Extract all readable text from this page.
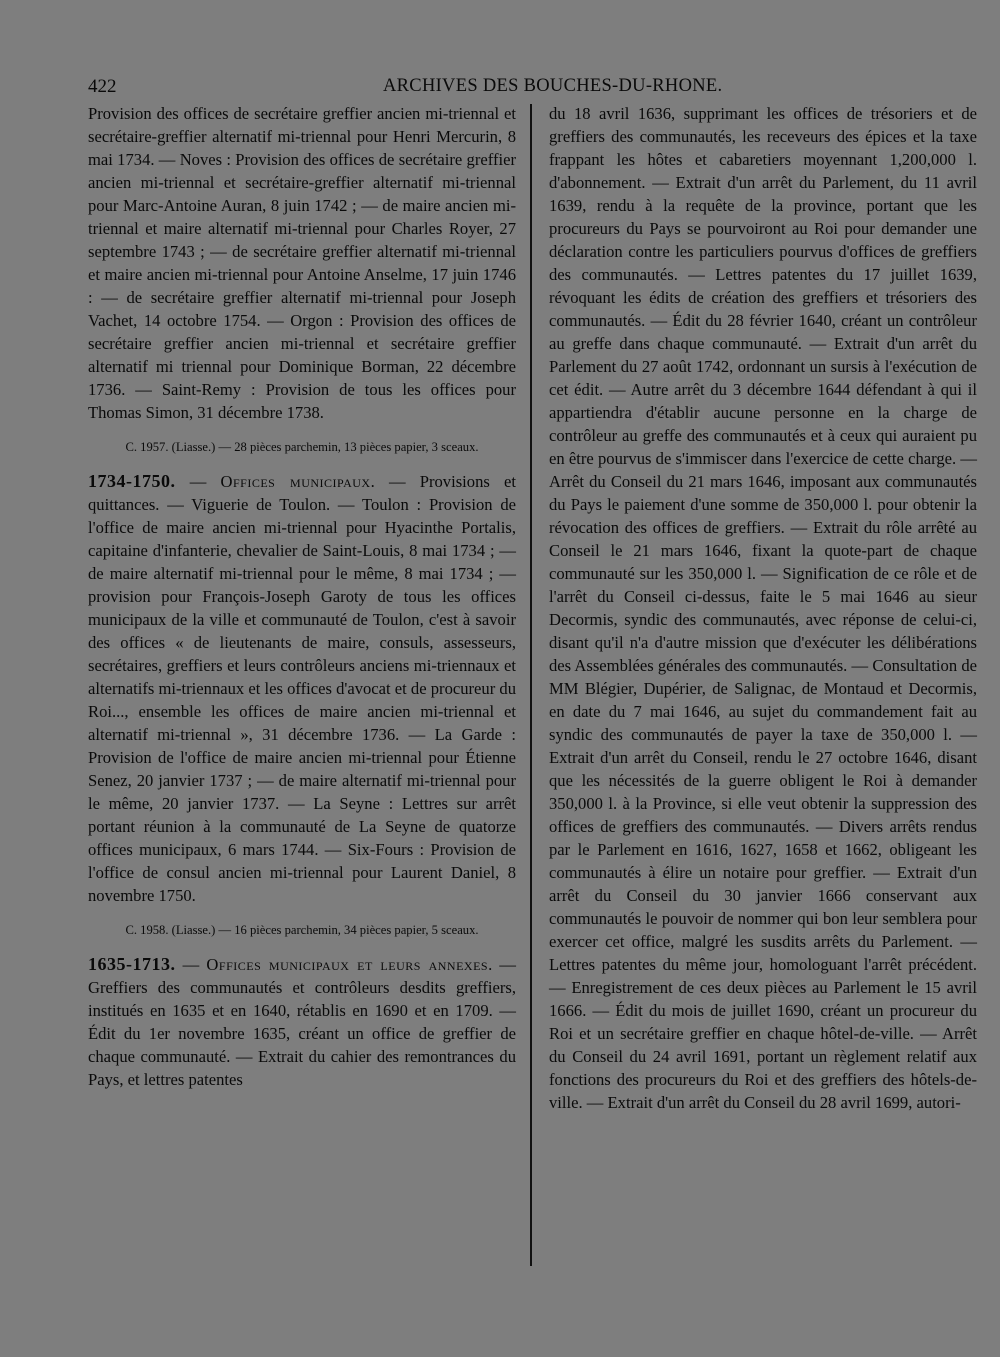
422	ARCHIVES DES BOUCHES-DU-RHONE.

Provision des offices de secrétaire greffier ancien mi-triennal et secrétaire-greffier alternatif mi-triennal pour Henri Mercurin, 8 mai 1734. — Noves : Provision des offices de secrétaire greffier ancien mi-triennal et secrétaire-greffier alternatif mi-triennal pour Marc-Antoine Auran, 8 juin 1742 ; — de maire ancien mi-triennal et maire alternatif mi-triennal pour Charles Royer, 27 septembre 1743 ; — de secrétaire greffier alternatif mi-triennal et maire ancien mi-triennal pour Antoine Anselme, 17 juin 1746 : — de secrétaire greffier alternatif mi-triennal pour Joseph Vachet, 14 octobre 1754. — Orgon : Provision des offices de secrétaire greffier ancien mi-triennal et secrétaire greffier alternatif mi triennal pour Dominique Borman, 22 décembre 1736. — Saint-Remy : Provision de tous les offices pour Thomas Simon, 31 décembre 1738.

C. 1957. (Liasse.) — 28 pièces parchemin, 13 pièces papier, 3 sceaux.

1734-1750. — Offices municipaux. — Provisions et quittances. — Viguerie de Toulon. — Toulon : Provision de l'office de maire ancien mi-triennal pour Hyacinthe Portalis, capitaine d'infanterie, chevalier de Saint-Louis, 8 mai 1734 ; — de maire alternatif mi-triennal pour le même, 8 mai 1734 ; — provision pour François-Joseph Garoty de tous les offices municipaux de la ville et communauté de Toulon, c'est à savoir des offices « de lieutenants de maire, consuls, assesseurs, secrétaires, greffiers et leurs contrôleurs anciens mi-triennaux et alternatifs mi-triennaux et les offices d'avocat et de procureur du Roi..., ensemble les offices de maire ancien mi-triennal et alternatif mi-triennal », 31 décembre 1736. — La Garde : Provision de l'office de maire ancien mi-triennal pour Étienne Senez, 20 janvier 1737 ; — de maire alternatif mi-triennal pour le même, 20 janvier 1737. — La Seyne : Lettres sur arrêt portant réunion à la communauté de La Seyne de quatorze offices municipaux, 6 mars 1744. — Six-Fours : Provision de l'office de consul ancien mi-triennal pour Laurent Daniel, 8 novembre 1750.

C. 1958. (Liasse.) — 16 pièces parchemin, 34 pièces papier, 5 sceaux.

1635-1713. — Offices municipaux et leurs annexes. — Greffiers des communautés et contrôleurs desdits greffiers, institués en 1635 et en 1640, rétablis en 1690 et en 1709. — Édit du 1er novembre 1635, créant un office de greffier de chaque communauté. — Extrait du cahier des remontrances du Pays, et lettres patentes

du 18 avril 1636, supprimant les offices de trésoriers et de greffiers des communautés, les receveurs des épices et la taxe frappant les hôtes et cabaretiers moyennant 1,200,000 l. d'abonnement. — Extrait d'un arrêt du Parlement, du 11 avril 1639, rendu à la requête de la province, portant que les procureurs du Pays se pourvoiront au Roi pour demander une déclaration contre les particuliers pourvus d'offices de greffiers des communautés. — Lettres patentes du 17 juillet 1639, révoquant les édits de création des greffiers et trésoriers des communautés. — Édit du 28 février 1640, créant un contrôleur au greffe dans chaque communauté. — Extrait d'un arrêt du Parlement du 27 août 1742, ordonnant un sursis à l'exécution de cet édit. — Autre arrêt du 3 décembre 1644 défendant à qui il appartiendra d'établir aucune personne en la charge de contrôleur au greffe des communautés et à ceux qui auraient pu en être pourvus de s'immiscer dans l'exercice de cette charge. — Arrêt du Conseil du 21 mars 1646, imposant aux communautés du Pays le paiement d'une somme de 350,000 l. pour obtenir la révocation des offices de greffiers. — Extrait du rôle arrêté au Conseil le 21 mars 1646, fixant la quote-part de chaque communauté sur les 350,000 l. — Signification de ce rôle et de l'arrêt du Conseil ci-dessus, faite le 5 mai 1646 au sieur Decormis, syndic des communautés, avec réponse de celui-ci, disant qu'il n'a d'autre mission que d'exécuter les délibérations des Assemblées générales des communautés. — Consultation de MM Blégier, Dupérier, de Salignac, de Montaud et Decormis, en date du 7 mai 1646, au sujet du commandement fait au syndic des communautés de payer la taxe de 350,000 l. — Extrait d'un arrêt du Conseil, rendu le 27 octobre 1646, disant que les nécessités de la guerre obligent le Roi à demander 350,000 l. à la Province, si elle veut obtenir la suppression des offices de greffiers des communautés. — Divers arrêts rendus par le Parlement en 1616, 1627, 1658 et 1662, obligeant les communautés à élire un notaire pour greffier. — Extrait d'un arrêt du Conseil du 30 janvier 1666 conservant aux communautés le pouvoir de nommer qui bon leur semblera pour exercer cet office, malgré les susdits arrêts du Parlement. — Lettres patentes du même jour, homologuant l'arrêt précédent. — Enregistrement de ces deux pièces au Parlement le 15 avril 1666. — Édit du mois de juillet 1690, créant un procureur du Roi et un secrétaire greffier en chaque hôtel-de-ville. — Arrêt du Conseil du 24 avril 1691, portant un règlement relatif aux fonctions des procureurs du Roi et des greffiers des hôtels-de-ville. — Extrait d'un arrêt du Conseil du 28 avril 1699, autori-
